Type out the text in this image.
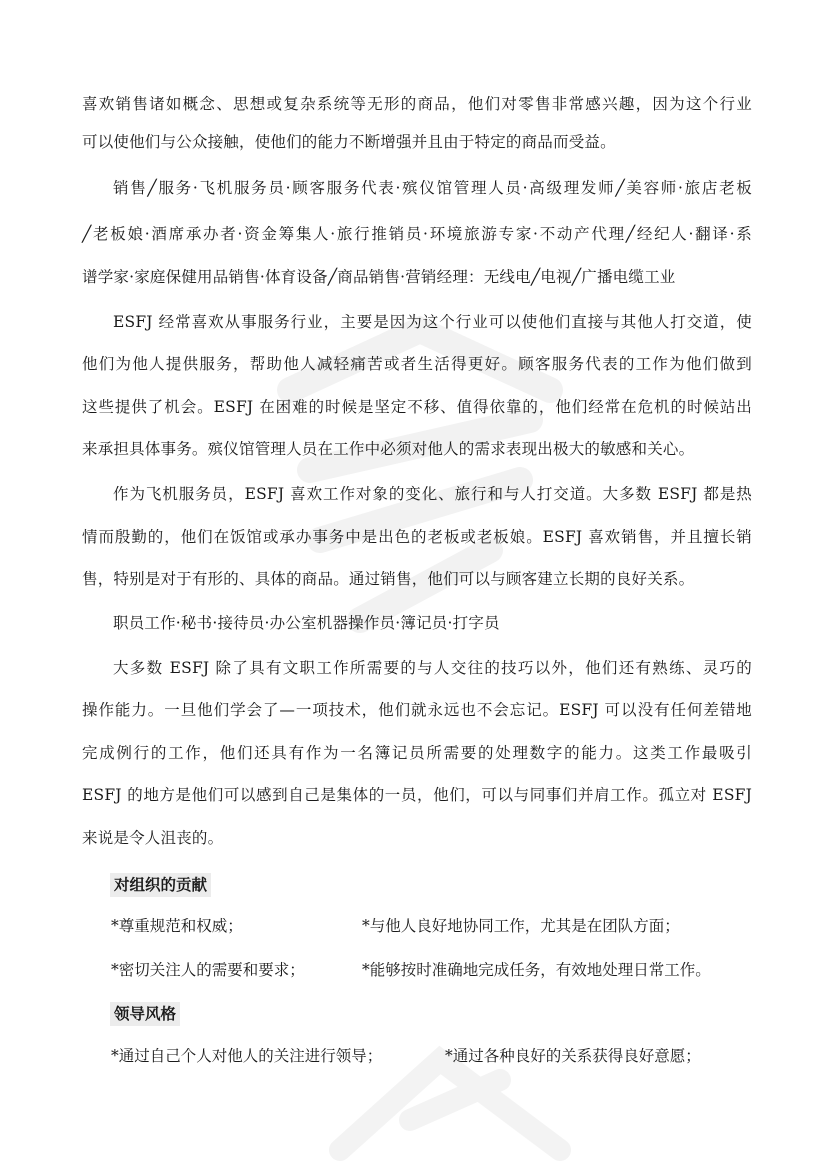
喜欢销售诸如概念、思想或复杂系统等无形的商品，他们对零售非常感兴趣，因为这个行业
可以使他们与公众接触，使他们的能力不断增强并且由于特定的商品而受益。
销售╱服务·飞机服务员·顾客服务代表·殡仪馆管理人员·高级理发师╱美容师·旅店老板
╱老板娘·酒席承办者·资金筹集人·旅行推销员·环境旅游专家·不动产代理╱经纪人·翻译·系
谱学家·家庭保健用品销售·体育设备╱商品销售·营销经理：无线电╱电视╱广播电缆工业
ESFJ 经常喜欢从事服务行业，主要是因为这个行业可以使他们直接与其他人打交道，使
他们为他人提供服务，帮助他人减轻痛苦或者生活得更好。顾客服务代表的工作为他们做到
这些提供了机会。ESFJ 在困难的时候是坚定不移、值得依靠的，他们经常在危机的时候站出
来承担具体事务。殡仪馆管理人员在工作中必须对他人的需求表现出极大的敏感和关心。
作为飞机服务员，ESFJ 喜欢工作对象的变化、旅行和与人打交道。大多数 ESFJ 都是热
情而殷勤的，他们在饭馆或承办事务中是出色的老板或老板娘。ESFJ 喜欢销售，并且擅长销
售，特别是对于有形的、具体的商品。通过销售，他们可以与顾客建立长期的良好关系。
职员工作·秘书·接待员·办公室机器操作员·簿记员·打字员
大多数 ESFJ 除了具有文职工作所需要的与人交往的技巧以外，他们还有熟练、灵巧的
操作能力。一旦他们学会了—一项技术，他们就永远也不会忘记。ESFJ 可以没有任何差错地
完成例行的工作，他们还具有作为一名簿记员所需要的处理数字的能力。这类工作最吸引
ESFJ 的地方是他们可以感到自己是集体的一员，他们，可以与同事们并肩工作。孤立对 ESFJ
来说是令人沮丧的。
对组织的贡献
*尊重规范和权威；	*与他人良好地协同工作，尤其是在团队方面；
*密切关注人的需要和要求；	*能够按时准确地完成任务，有效地处理日常工作。
领导风格
*通过自己个人对他人的关注进行领导；	*通过各种良好的关系获得良好意愿；
